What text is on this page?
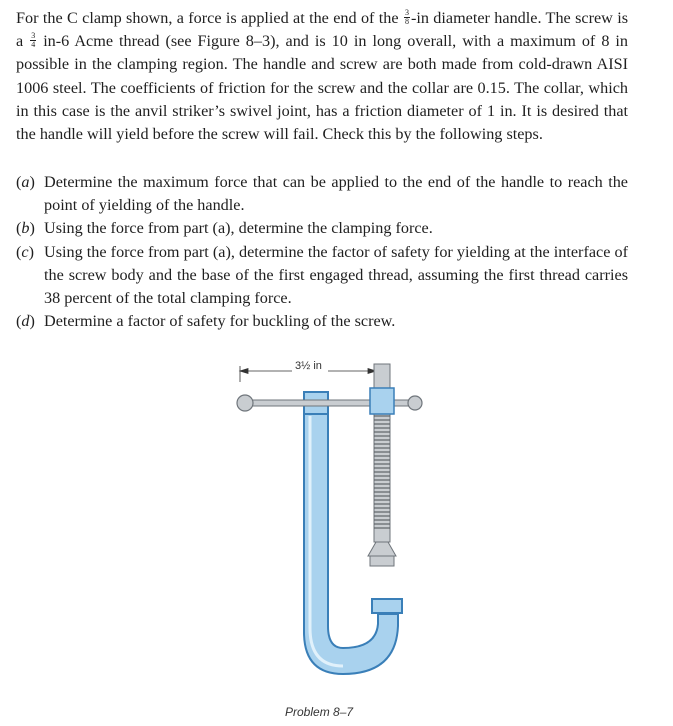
For the C clamp shown, a force is applied at the end of the $\frac{3}{8} -in$ diameter handle. The screw is a $\frac{3}{4} in-6$ Acme thread (see Figure 8–3), and is 10 in long overall, with a maximum of 8 in possible in the clamping region. The handle and screw are both made from cold-drawn AISI 1006 steel. The coefficients of friction for the screw and the collar are 0.15. The collar, which in this case is the anvil striker’s swivel joint, has a friction diameter of 1 in. It is desired that the handle will yield before the screw will fail. Check this by the following steps.
(a) Determine the maximum force that can be applied to the end of the handle to reach the point of yielding of the handle.
(b) Using the force from part (a), determine the clamping force.
(c) Using the force from part (a), determine the factor of safety for yielding at the interface of the screw body and the base of the first engaged thread, assuming the first thread carries 38 percent of the total clamping force.
(d) Determine a factor of safety for buckling of the screw.
3½ in
Problem 8–7
